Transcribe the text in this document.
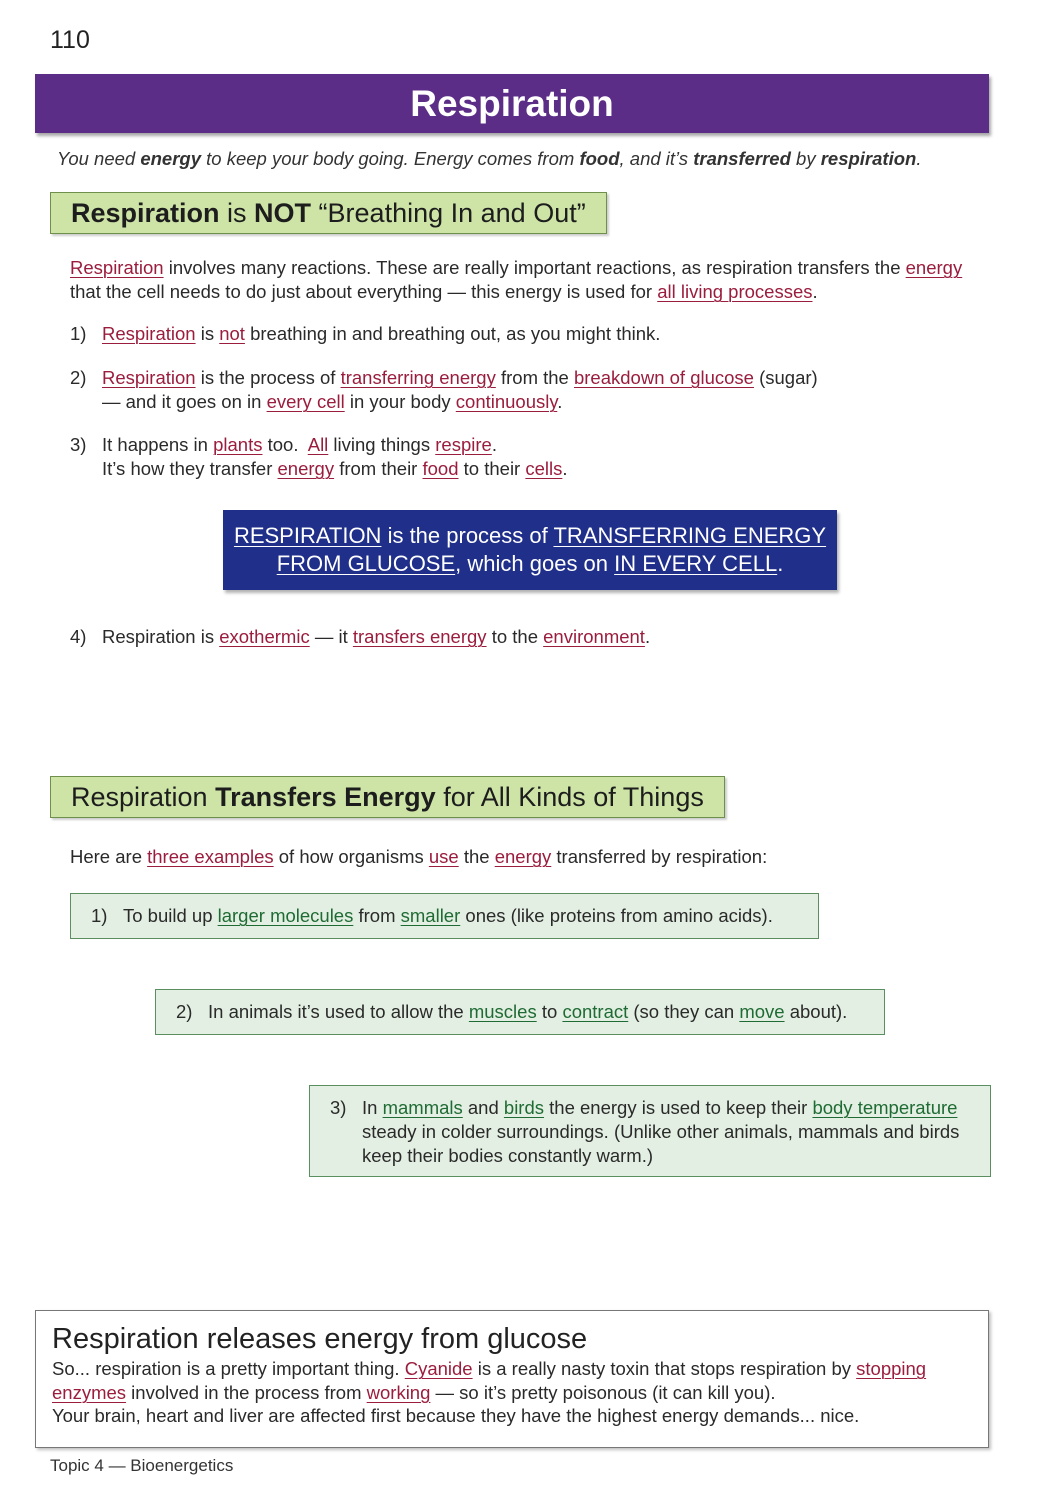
110
Respiration
You need energy to keep your body going. Energy comes from food, and it’s transferred by respiration.
Respiration is NOT “Breathing In and Out”
Respiration involves many reactions. These are really important reactions, as respiration transfers the energy that the cell needs to do just about everything — this energy is used for all living processes.
1) Respiration is not breathing in and breathing out, as you might think.
2) Respiration is the process of transferring energy from the breakdown of glucose (sugar)
— and it goes on in every cell in your body continuously.
3) It happens in plants too.  All living things respire.
It’s how they transfer energy from their food to their cells.
RESPIRATION is the process of TRANSFERRING ENERGY
FROM GLUCOSE, which goes on IN EVERY CELL.
4) Respiration is exothermic — it transfers energy to the environment.
Respiration Transfers Energy for All Kinds of Things
Here are three examples of how organisms use the energy transferred by respiration:
1) To build up larger molecules from smaller ones (like proteins from amino acids).
2) In animals it’s used to allow the muscles to contract (so they can move about).
3) In mammals and birds the energy is used to keep their body temperature steady in colder surroundings. (Unlike other animals, mammals and birds keep their bodies constantly warm.)
Respiration releases energy from glucose
So... respiration is a pretty important thing. Cyanide is a really nasty toxin that stops respiration by stopping enzymes involved in the process from working — so it’s pretty poisonous (it can kill you).
Your brain, heart and liver are affected first because they have the highest energy demands... nice.
Topic 4 — Bioenergetics
